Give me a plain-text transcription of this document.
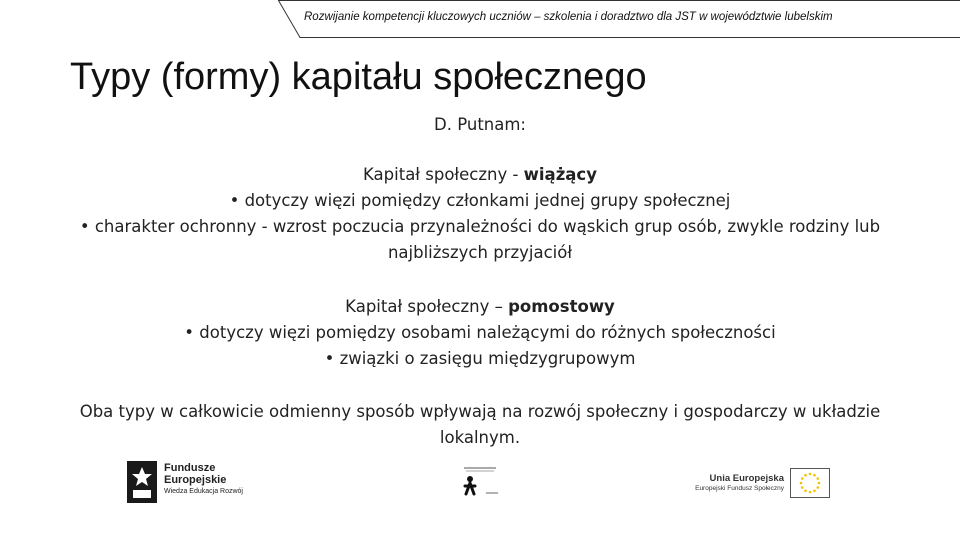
Rozwijanie kompetencji kluczowych uczniów – szkolenia i doradztwo dla JST w województwie lubelskim
Typy (formy) kapitału społecznego
D. Putnam:
Kapitał społeczny - wiążący
• dotyczy więzi pomiędzy członkami jednej grupy społecznej
• charakter ochronny - wzrost poczucia przynależności do wąskich grup osób, zwykle rodziny lub
najbliższych przyjaciół
Kapitał społeczny – pomostowy
• dotyczy więzi pomiędzy osobami należącymi do różnych społeczności
• związki o zasięgu międzygrupowym
Oba typy w całkowicie odmienny sposób wpływają na rozwój społeczny i gospodarczy w układzie
lokalnym.
Fundusze
Europejskie
Wiedza Edukacja Rozwój
Unia Europejska
Europejski Fundusz Społeczny
